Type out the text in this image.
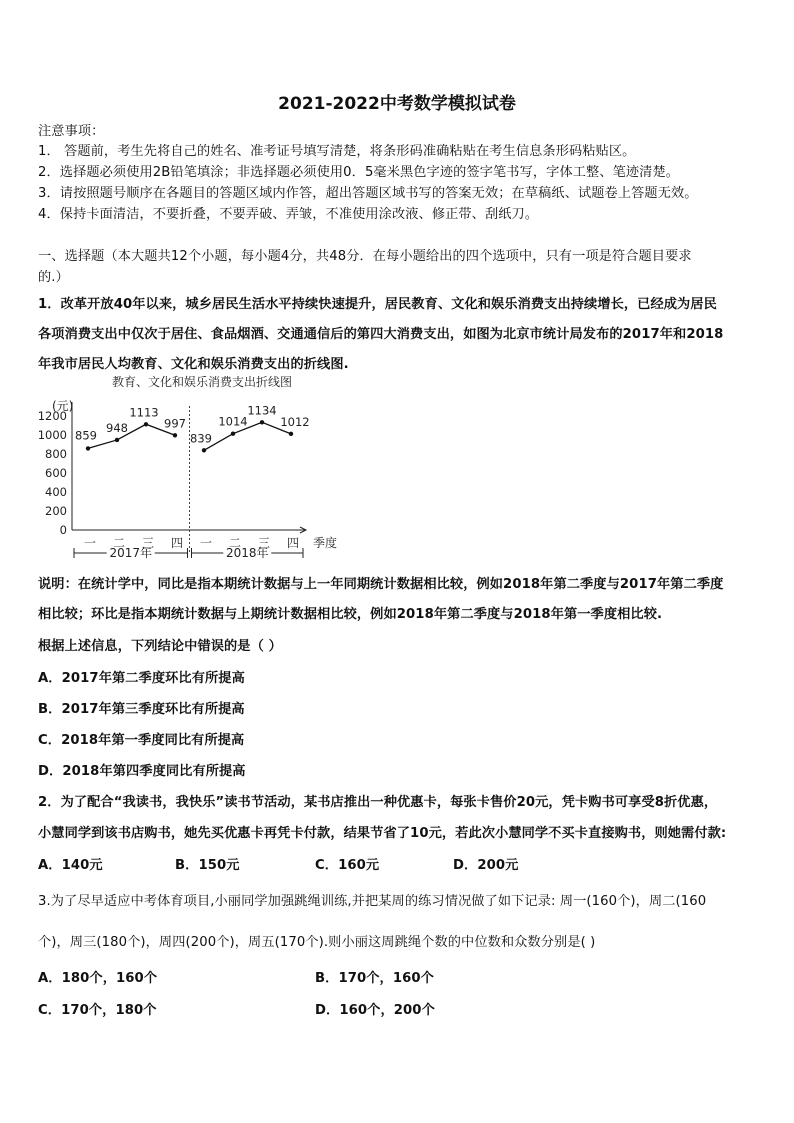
2021-2022中考数学模拟试卷
注意事项：
1． 答题前，考生先将自己的姓名、准考证号填写清楚，将条形码准确粘贴在考生信息条形码粘贴区。
2．选择题必须使用2B铅笔填涂；非选择题必须使用0．5毫米黑色字迹的签字笔书写，字体工整、笔迹清楚。
3．请按照题号顺序在各题目的答题区域内作答，超出答题区域书写的答案无效；在草稿纸、试题卷上答题无效。
4．保持卡面清洁，不要折叠，不要弄破、弄皱，不准使用涂改液、修正带、刮纸刀。
一、选择题（本大题共12个小题，每小题4分，共48分．在每小题给出的四个选项中，只有一项是符合题目要求
的.）
1．改革开放40年以来，城乡居民生活水平持续快速提升，居民教育、文化和娱乐消费支出持续增长，已经成为居民
各项消费支出中仅次于居住、食品烟酒、交通通信后的第四大消费支出，如图为北京市统计局发布的2017年和2018
年我市居民人均教育、文化和娱乐消费支出的折线图.
教育、文化和娱乐消费支出折线图
(元)
0
200
400
600
800
1000
1200
859
948
1113
997
839
1014
1134
1012
一 二 三 四 一 二 三 四 季度
2017年	2018年
说明：在统计学中，同比是指本期统计数据与上一年同期统计数据相比较，例如2018年第二季度与2017年第二季度
相比较；环比是指本期统计数据与上期统计数据相比较，例如2018年第二季度与2018年第一季度相比较.
根据上述信息，下列结论中错误的是（ ）
A．2017年第二季度环比有所提高
B．2017年第三季度环比有所提高
C．2018年第一季度同比有所提高
D．2018年第四季度同比有所提高
2．为了配合“我读书，我快乐”读书节活动，某书店推出一种优惠卡，每张卡售价20元，凭卡购书可享受8折优惠，
小慧同学到该书店购书，她先买优惠卡再凭卡付款，结果节省了10元，若此次小慧同学不买卡直接购书，则她需付款:
A．140元	B．150元	C．160元	D．200元
3.为了尽早适应中考体育项目,小丽同学加强跳绳训练,并把某周的练习情况做了如下记录: 周一(160个)，周二(160
个)，周三(180个)，周四(200个)，周五(170个).则小丽这周跳绳个数的中位数和众数分别是( )
A．180个，160个	B．170个，160个
C．170个，180个	D．160个，200个
